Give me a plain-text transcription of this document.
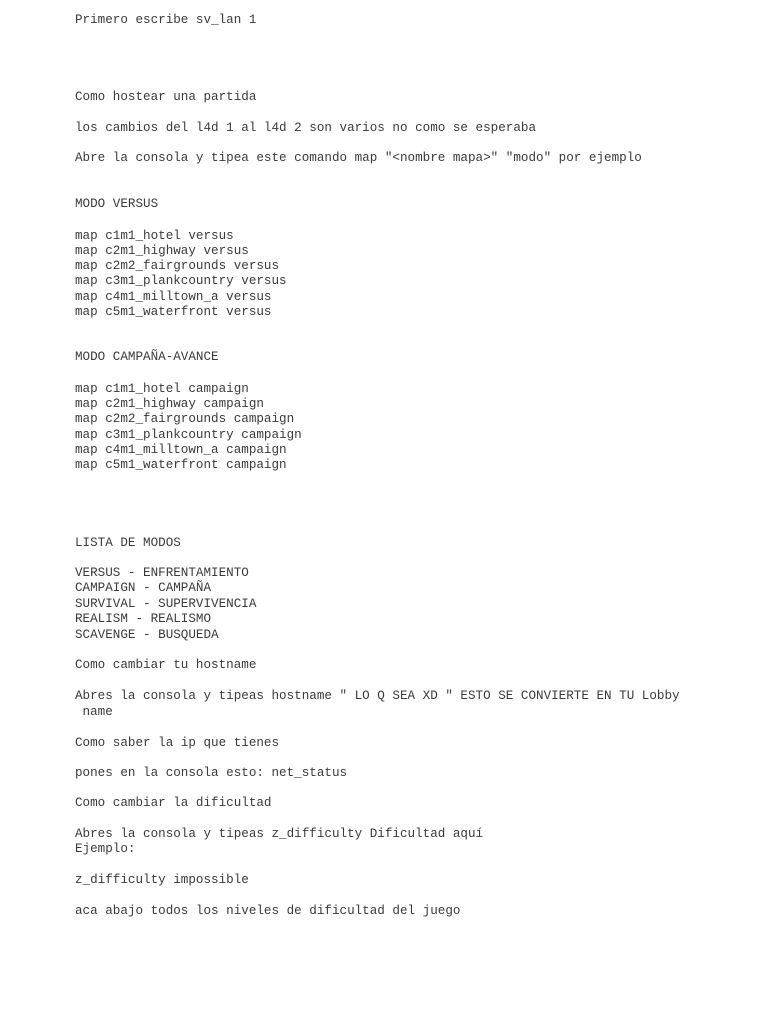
Primero escribe sv_lan 1

Como hostear una partida

los cambios del l4d 1 al l4d 2 son varios no como se esperaba

Abre la consola y tipea este comando map "<nombre mapa>" "modo" por ejemplo

MODO VERSUS

map c1m1_hotel versus

map c2m1_highway versus

map c2m2_fairgrounds versus

map c3m1_plankcountry versus

map c4m1_milltown_a versus

map c5m1_waterfront versus

MODO CAMPAÑA-AVANCE

map c1m1_hotel campaign

map c2m1_highway campaign

map c2m2_fairgrounds campaign

map c3m1_plankcountry campaign

map c4m1_milltown_a campaign

map c5m1_waterfront campaign

LISTA DE MODOS

VERSUS - ENFRENTAMIENTO

CAMPAIGN - CAMPAÑA

SURVIVAL - SUPERVIVENCIA

REALISM - REALISMO

SCAVENGE - BUSQUEDA

Como cambiar tu hostname

Abres la consola y tipeas hostname " LO Q SEA XD " ESTO SE CONVIERTE EN TU Lobby

name

Como saber la ip que tienes

pones en la consola esto: net_status

Como cambiar la dificultad

Abres la consola y tipeas z_difficulty Dificultad aquí

Ejemplo:

z_difficulty impossible

aca abajo todos los niveles de dificultad del juego
